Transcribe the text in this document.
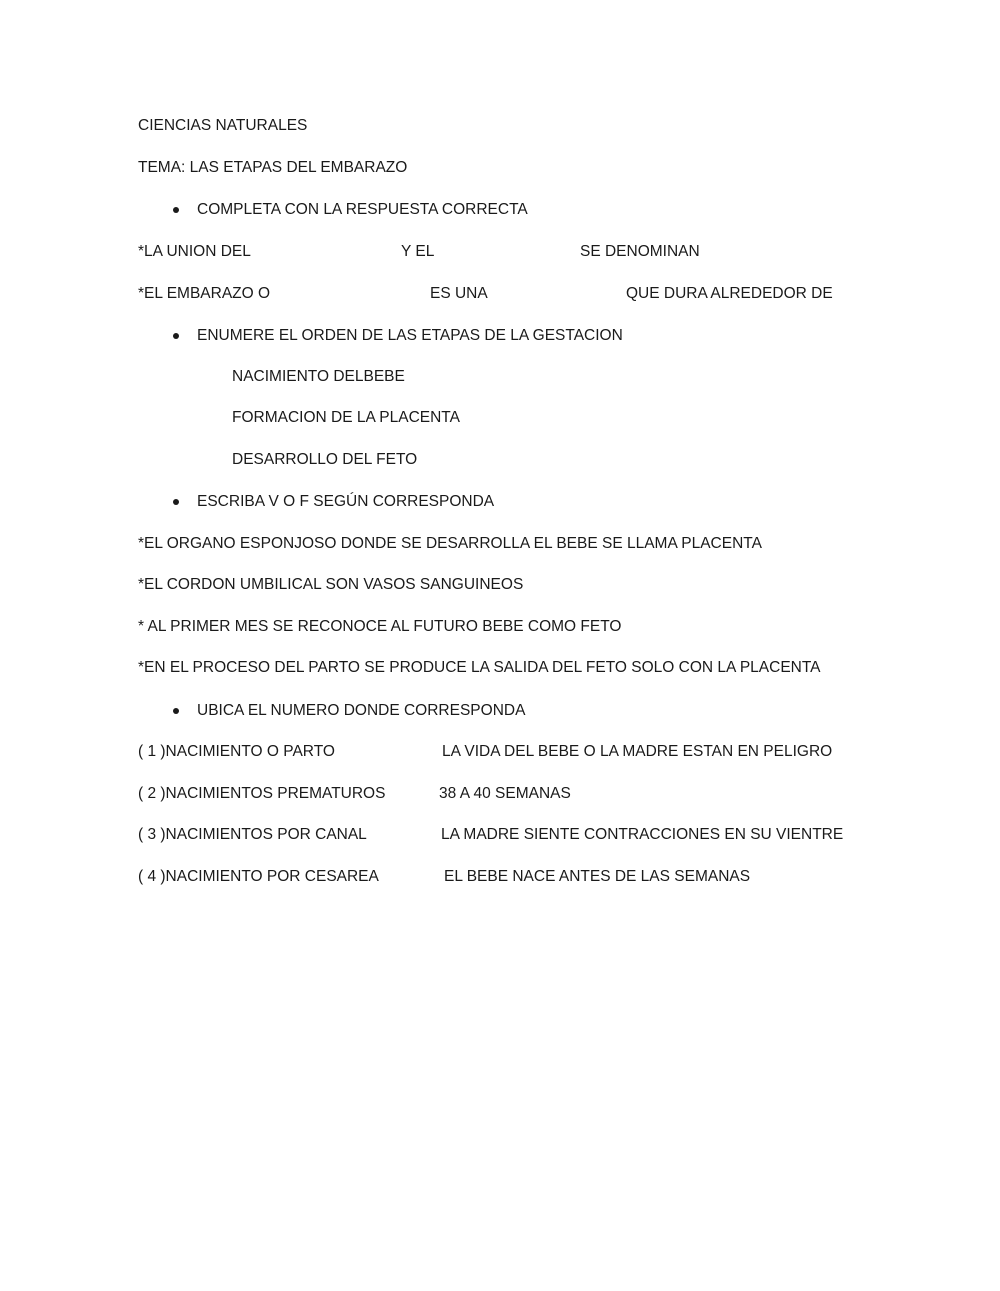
CIENCIAS NATURALES
TEMA: LAS ETAPAS DEL EMBARAZO
COMPLETA CON LA RESPUESTA CORRECTA
*LA UNION DEL	Y EL	SE DENOMINAN
*EL EMBARAZO O	ES UNA	QUE DURA ALREDEDOR DE
ENUMERE EL ORDEN DE LAS ETAPAS DE LA GESTACION
NACIMIENTO DELBEBE
FORMACION DE LA PLACENTA
DESARROLLO DEL FETO
ESCRIBA V O F SEGÚN CORRESPONDA
*EL ORGANO ESPONJOSO DONDE SE DESARROLLA EL BEBE SE LLAMA PLACENTA
*EL CORDON UMBILICAL SON VASOS SANGUINEOS
* AL PRIMER MES SE RECONOCE AL FUTURO BEBE COMO FETO
*EN EL PROCESO DEL PARTO SE PRODUCE LA SALIDA DEL FETO SOLO CON LA PLACENTA
UBICA EL NUMERO DONDE CORRESPONDA
( 1 )NACIMIENTO O PARTO	LA VIDA DEL BEBE O LA MADRE ESTAN EN PELIGRO
( 2 )NACIMIENTOS PREMATUROS	38 A 40 SEMANAS
( 3 )NACIMIENTOS POR CANAL	LA MADRE SIENTE CONTRACCIONES EN SU VIENTRE
( 4 )NACIMIENTO POR CESAREA	EL BEBE NACE ANTES DE LAS SEMANAS
